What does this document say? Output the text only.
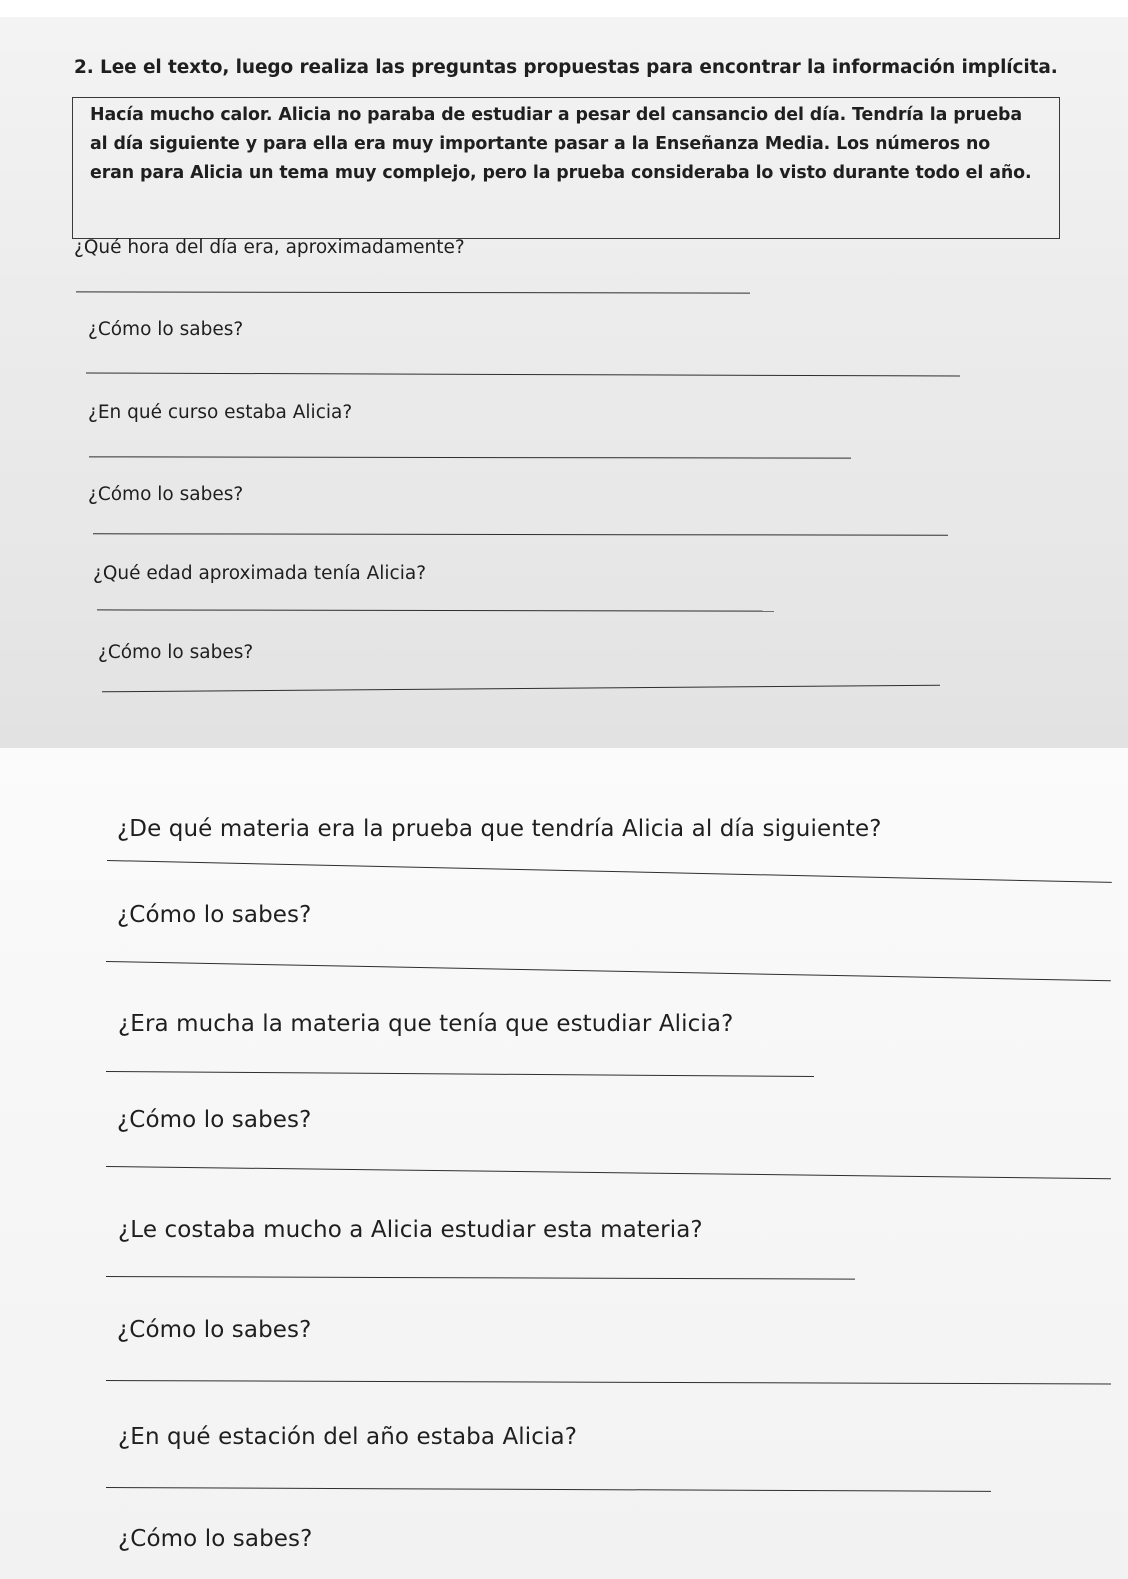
2. Lee el texto, luego realiza las preguntas propuestas para encontrar la información implícita.
Hacía mucho calor. Alicia no paraba de estudiar a pesar del cansancio del día. Tendría la prueba al día siguiente y para ella era muy importante pasar a la Enseñanza Media. Los números no eran para Alicia un tema muy complejo, pero la prueba consideraba lo visto durante todo el año.
¿Qué hora del día era, aproximadamente?
¿Cómo lo sabes?
¿En qué curso estaba Alicia?
¿Cómo lo sabes?
¿Qué edad aproximada tenía Alicia?
¿Cómo lo sabes?
¿De qué materia era la prueba que tendría Alicia al día siguiente?
¿Cómo lo sabes?
¿Era mucha la materia que tenía que estudiar Alicia?
¿Cómo lo sabes?
¿Le costaba mucho a Alicia estudiar esta materia?
¿Cómo lo sabes?
¿En qué estación del año estaba Alicia?
¿Cómo lo sabes?
